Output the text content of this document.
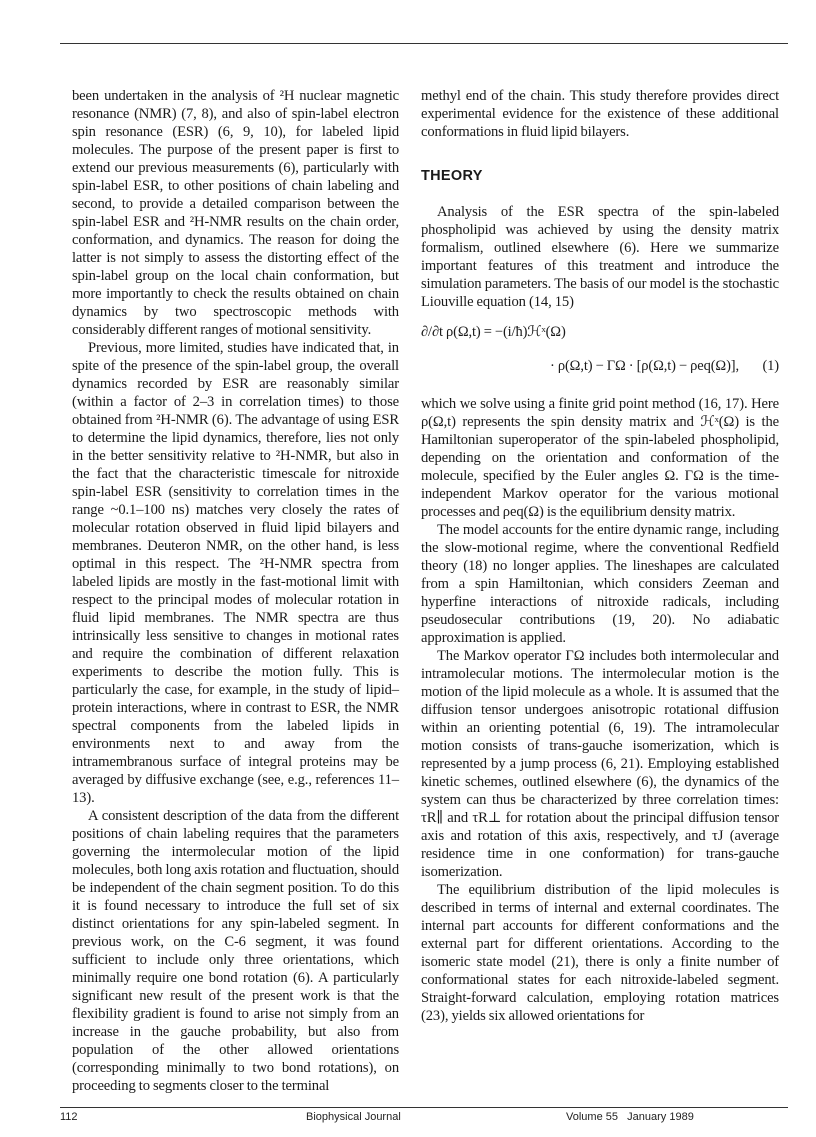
been undertaken in the analysis of ²H nuclear magnetic resonance (NMR) (7, 8), and also of spin-label electron spin resonance (ESR) (6, 9, 10), for labeled lipid molecules. The purpose of the present paper is first to extend our previous measurements (6), particularly with spin-label ESR, to other positions of chain labeling and second, to provide a detailed comparison between the spin-label ESR and ²H-NMR results on the chain order, conformation, and dynamics. The reason for doing the latter is not simply to assess the distorting effect of the spin-label group on the local chain conformation, but more importantly to check the results obtained on chain dynamics by two spectroscopic methods with considerably different ranges of motional sensitivity.

Previous, more limited, studies have indicated that, in spite of the presence of the spin-label group, the overall dynamics recorded by ESR are reasonably similar (within a factor of 2–3 in correlation times) to those obtained from ²H-NMR (6). The advantage of using ESR to determine the lipid dynamics, therefore, lies not only in the better sensitivity relative to ²H-NMR, but also in the fact that the characteristic timescale for nitroxide spin-label ESR (sensitivity to correlation times in the range ~0.1–100 ns) matches very closely the rates of molecular rotation observed in fluid lipid bilayers and membranes. Deuteron NMR, on the other hand, is less optimal in this respect. The ²H-NMR spectra from labeled lipids are mostly in the fast-motional limit with respect to the principal modes of molecular rotation in fluid lipid membranes. The NMR spectra are thus intrinsically less sensitive to changes in motional rates and require the combination of different relaxation experiments to describe the motion fully. This is particularly the case, for example, in the study of lipid–protein interactions, where in contrast to ESR, the NMR spectral components from the labeled lipids in environments next to and away from the intramembranous surface of integral proteins may be averaged by diffusive exchange (see, e.g., references 11–13).

A consistent description of the data from the different positions of chain labeling requires that the parameters governing the intermolecular motion of the lipid molecules, both long axis rotation and fluctuation, should be independent of the chain segment position. To do this it is found necessary to introduce the full set of six distinct orientations for any spin-labeled segment. In previous work, on the C-6 segment, it was found sufficient to include only three orientations, which minimally require one bond rotation (6). A particularly significant new result of the present work is that the flexibility gradient is found to arise not simply from an increase in the gauche probability, but also from population of the other allowed orientations (corresponding minimally to two bond rotations), on proceeding to segments closer to the terminal

methyl end of the chain. This study therefore provides direct experimental evidence for the existence of these additional conformations in fluid lipid bilayers.

THEORY

Analysis of the ESR spectra of the spin-labeled phospholipid was achieved by using the density matrix formalism, outlined elsewhere (6). Here we summarize important features of this treatment and introduce the simulation parameters. The basis of our model is the stochastic Liouville equation (14, 15)

∂/∂t ρ(Ω,t) = −(i/ħ)ℋˣ(Ω)
· ρ(Ω,t) − ΓΩ · [ρ(Ω,t) − ρeq(Ω)], (1)

which we solve using a finite grid point method (16, 17). Here ρ(Ω,t) represents the spin density matrix and ℋˣ(Ω) is the Hamiltonian superoperator of the spin-labeled phospholipid, depending on the orientation and conformation of the molecule, specified by the Euler angles Ω. ΓΩ is the time-independent Markov operator for the various motional processes and ρeq(Ω) is the equilibrium density matrix.

The model accounts for the entire dynamic range, including the slow-motional regime, where the conventional Redfield theory (18) no longer applies. The lineshapes are calculated from a spin Hamiltonian, which considers Zeeman and hyperfine interactions of nitroxide radicals, including pseudosecular contributions (19, 20). No adiabatic approximation is applied.

The Markov operator ΓΩ includes both intermolecular and intramolecular motions. The intermolecular motion is the motion of the lipid molecule as a whole. It is assumed that the diffusion tensor undergoes anisotropic rotational diffusion within an orienting potential (6, 19). The intramolecular motion consists of trans-gauche isomerization, which is represented by a jump process (6, 21). Employing established kinetic schemes, outlined elsewhere (6), the dynamics of the system can thus be characterized by three correlation times: τR∥ and τR⊥ for rotation about the principal diffusion tensor axis and rotation of this axis, respectively, and τJ (average residence time in one conformation) for trans-gauche isomerization.

The equilibrium distribution of the lipid molecules is described in terms of internal and external coordinates. The internal part accounts for different conformations and the external part for different orientations. According to the isomeric state model (21), there is only a finite number of conformational states for each nitroxide-labeled segment. Straight-forward calculation, employing rotation matrices (23), yields six allowed orientations for

112	Biophysical Journal	Volume 55   January 1989
